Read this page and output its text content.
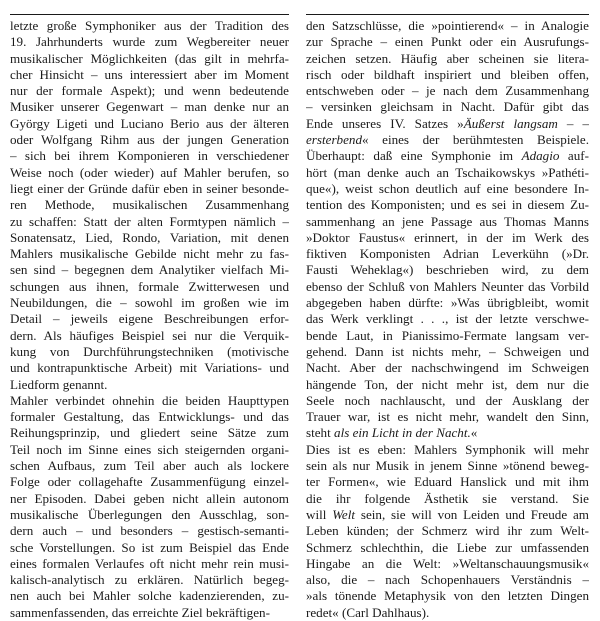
letzte große Symphoniker aus der Tradition des
19. Jahrhunderts wurde zum Wegbereiter neuer
musikalischer Möglichkeiten (das gilt in mehrfa-
cher Hinsicht – uns interessiert aber im Moment
nur der formale Aspekt); und wenn bedeutende
Musiker unserer Gegenwart – man denke nur an
György Ligeti und Luciano Berio aus der älteren
oder Wolfgang Rihm aus der jungen Generation
– sich bei ihrem Komponieren in verschiedener
Weise noch (oder wieder) auf Mahler berufen, so
liegt einer der Gründe dafür eben in seiner besonde-
ren Methode, musikalischen Zusammenhang
zu schaffen: Statt der alten Formtypen nämlich –
Sonatensatz, Lied, Rondo, Variation, mit denen
Mahlers musikalische Gebilde nicht mehr zu fas-
sen sind – begegnen dem Analytiker vielfach Mi-
schungen aus ihnen, formale Zwitterwesen und
Neubildungen, die – sowohl im großen wie im
Detail – jeweils eigene Beschreibungen erfor-
dern. Als häufiges Beispiel sei nur die Verquik-
kung von Durchführungstechniken (motivische
und kontrapunktische Arbeit) mit Variations- und
Liedform genannt.
Mahler verbindet ohnehin die beiden Haupttypen
formaler Gestaltung, das Entwicklungs- und das
Reihungsprinzip, und gliedert seine Sätze zum
Teil noch im Sinne eines sich steigernden organi-
schen Aufbaus, zum Teil aber auch als lockere
Folge oder collagehafte Zusammenfügung einzel-
ner Episoden. Dabei geben nicht allein autonom
musikalische Überlegungen den Ausschlag, son-
dern auch – und besonders – gestisch-semanti-
sche Vorstellungen. So ist zum Beispiel das Ende
eines formalen Verlaufes oft nicht mehr rein musi-
kalisch-analytisch zu erklären. Natürlich begeg-
nen auch bei Mahler solche kadenzierenden, zu-
sammenfassenden, das erreichte Ziel bekräftigen-
den Satzschlüsse, die »pointierend« – in Analogie
zur Sprache – einen Punkt oder ein Ausrufungs-
zeichen setzen. Häufig aber scheinen sie literа-
risch oder bildhaft inspiriert und bleiben offen,
entschweben oder – je nach dem Zusammenhang
– versinken gleichsam in Nacht. Dafür gibt das
Ende unseres IV. Satzes »Äußerst langsam – –
ersterbend« eines der berühmtesten Beispiele.
Überhaupt: daß eine Symphonie im Adagio auf-
hört (man denke auch an Tschaikowskys »Pathéti-
que«), weist schon deutlich auf eine besondere In-
tention des Komponisten; und es sei in diesem Zu-
sammenhang an jene Passage aus Thomas Manns
»Doktor Faustus« erinnert, in der im Werk des
fiktiven Komponisten Adrian Leverkühn (»Dr.
Fausti Weheklag«) beschrieben wird, zu dem
ebenso der Schluß von Mahlers Neunter das Vorbild
abgegeben haben dürfte: »Was übrigbleibt, womit
das Werk verklingt . . ., ist der letzte verschwe-
bende Laut, in Pianissimo-Fermate langsam ver-
gehend. Dann ist nichts mehr, – Schweigen und
Nacht. Aber der nachschwingend im Schweigen
hängende Ton, der nicht mehr ist, dem nur die
Seele noch nachlauscht, und der Ausklang der
Trauer war, ist es nicht mehr, wandelt den Sinn,
steht als ein Licht in der Nacht.«
Dies ist es eben: Mahlers Symphonik will mehr
sein als nur Musik in jenem Sinne »tönend beweg-
ter Formen«, wie Eduard Hanslick und mit ihm
die ihr folgende Ästhetik sie verstand. Sie
will Welt sein, sie will von Leiden und Freude am
Leben künden; der Schmerz wird ihr zum Welt-
Schmerz schlechthin, die Liebe zur umfassenden
Hingabe an die Welt: »Weltanschauungsmusik«
also, die – nach Schopenhauers Verständnis –
»als tönende Metaphysik von den letzten Dingen
redet« (Carl Dahlhaus).
